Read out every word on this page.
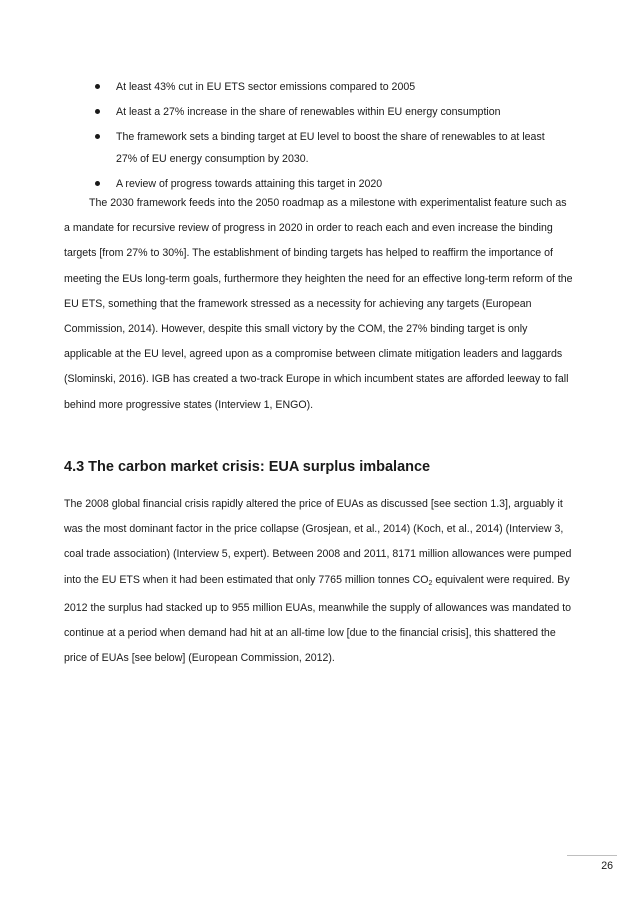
At least 43% cut in EU ETS sector emissions compared to 2005
At least a 27% increase in the share of renewables within EU energy consumption
The framework sets a binding target at EU level to boost the share of renewables to at least 27% of EU energy consumption by 2030.
A review of progress towards attaining this target in 2020

The 2030 framework feeds into the 2050 roadmap as a milestone with experimentalist feature such as a mandate for recursive review of progress in 2020 in order to reach each and even increase the binding targets [from 27% to 30%]. The establishment of binding targets has helped to reaffirm the importance of meeting the EUs long-term goals, furthermore they heighten the need for an effective long-term reform of the EU ETS, something that the framework stressed as a necessity for achieving any targets (European Commission, 2014). However, despite this small victory by the COM, the 27% binding target is only applicable at the EU level, agreed upon as a compromise between climate mitigation leaders and laggards (Slominski, 2016). IGB has created a two-track Europe in which incumbent states are afforded leeway to fall behind more progressive states (Interview 1, ENGO).

4.3 The carbon market crisis: EUA surplus imbalance

The 2008 global financial crisis rapidly altered the price of EUAs as discussed [see section 1.3], arguably it was the most dominant factor in the price collapse (Grosjean, et al., 2014) (Koch, et al., 2014) (Interview 3, coal trade association) (Interview 5, expert). Between 2008 and 2011, 8171 million allowances were pumped into the EU ETS when it had been estimated that only 7765 million tonnes $CO_2$ equivalent were required. By 2012 the surplus had stacked up to 955 million EUAs, meanwhile the supply of allowances was mandated to continue at a period when demand had hit at an all-time low [due to the financial crisis], this shattered the price of EUAs [see below] (European Commission, 2012).

26
